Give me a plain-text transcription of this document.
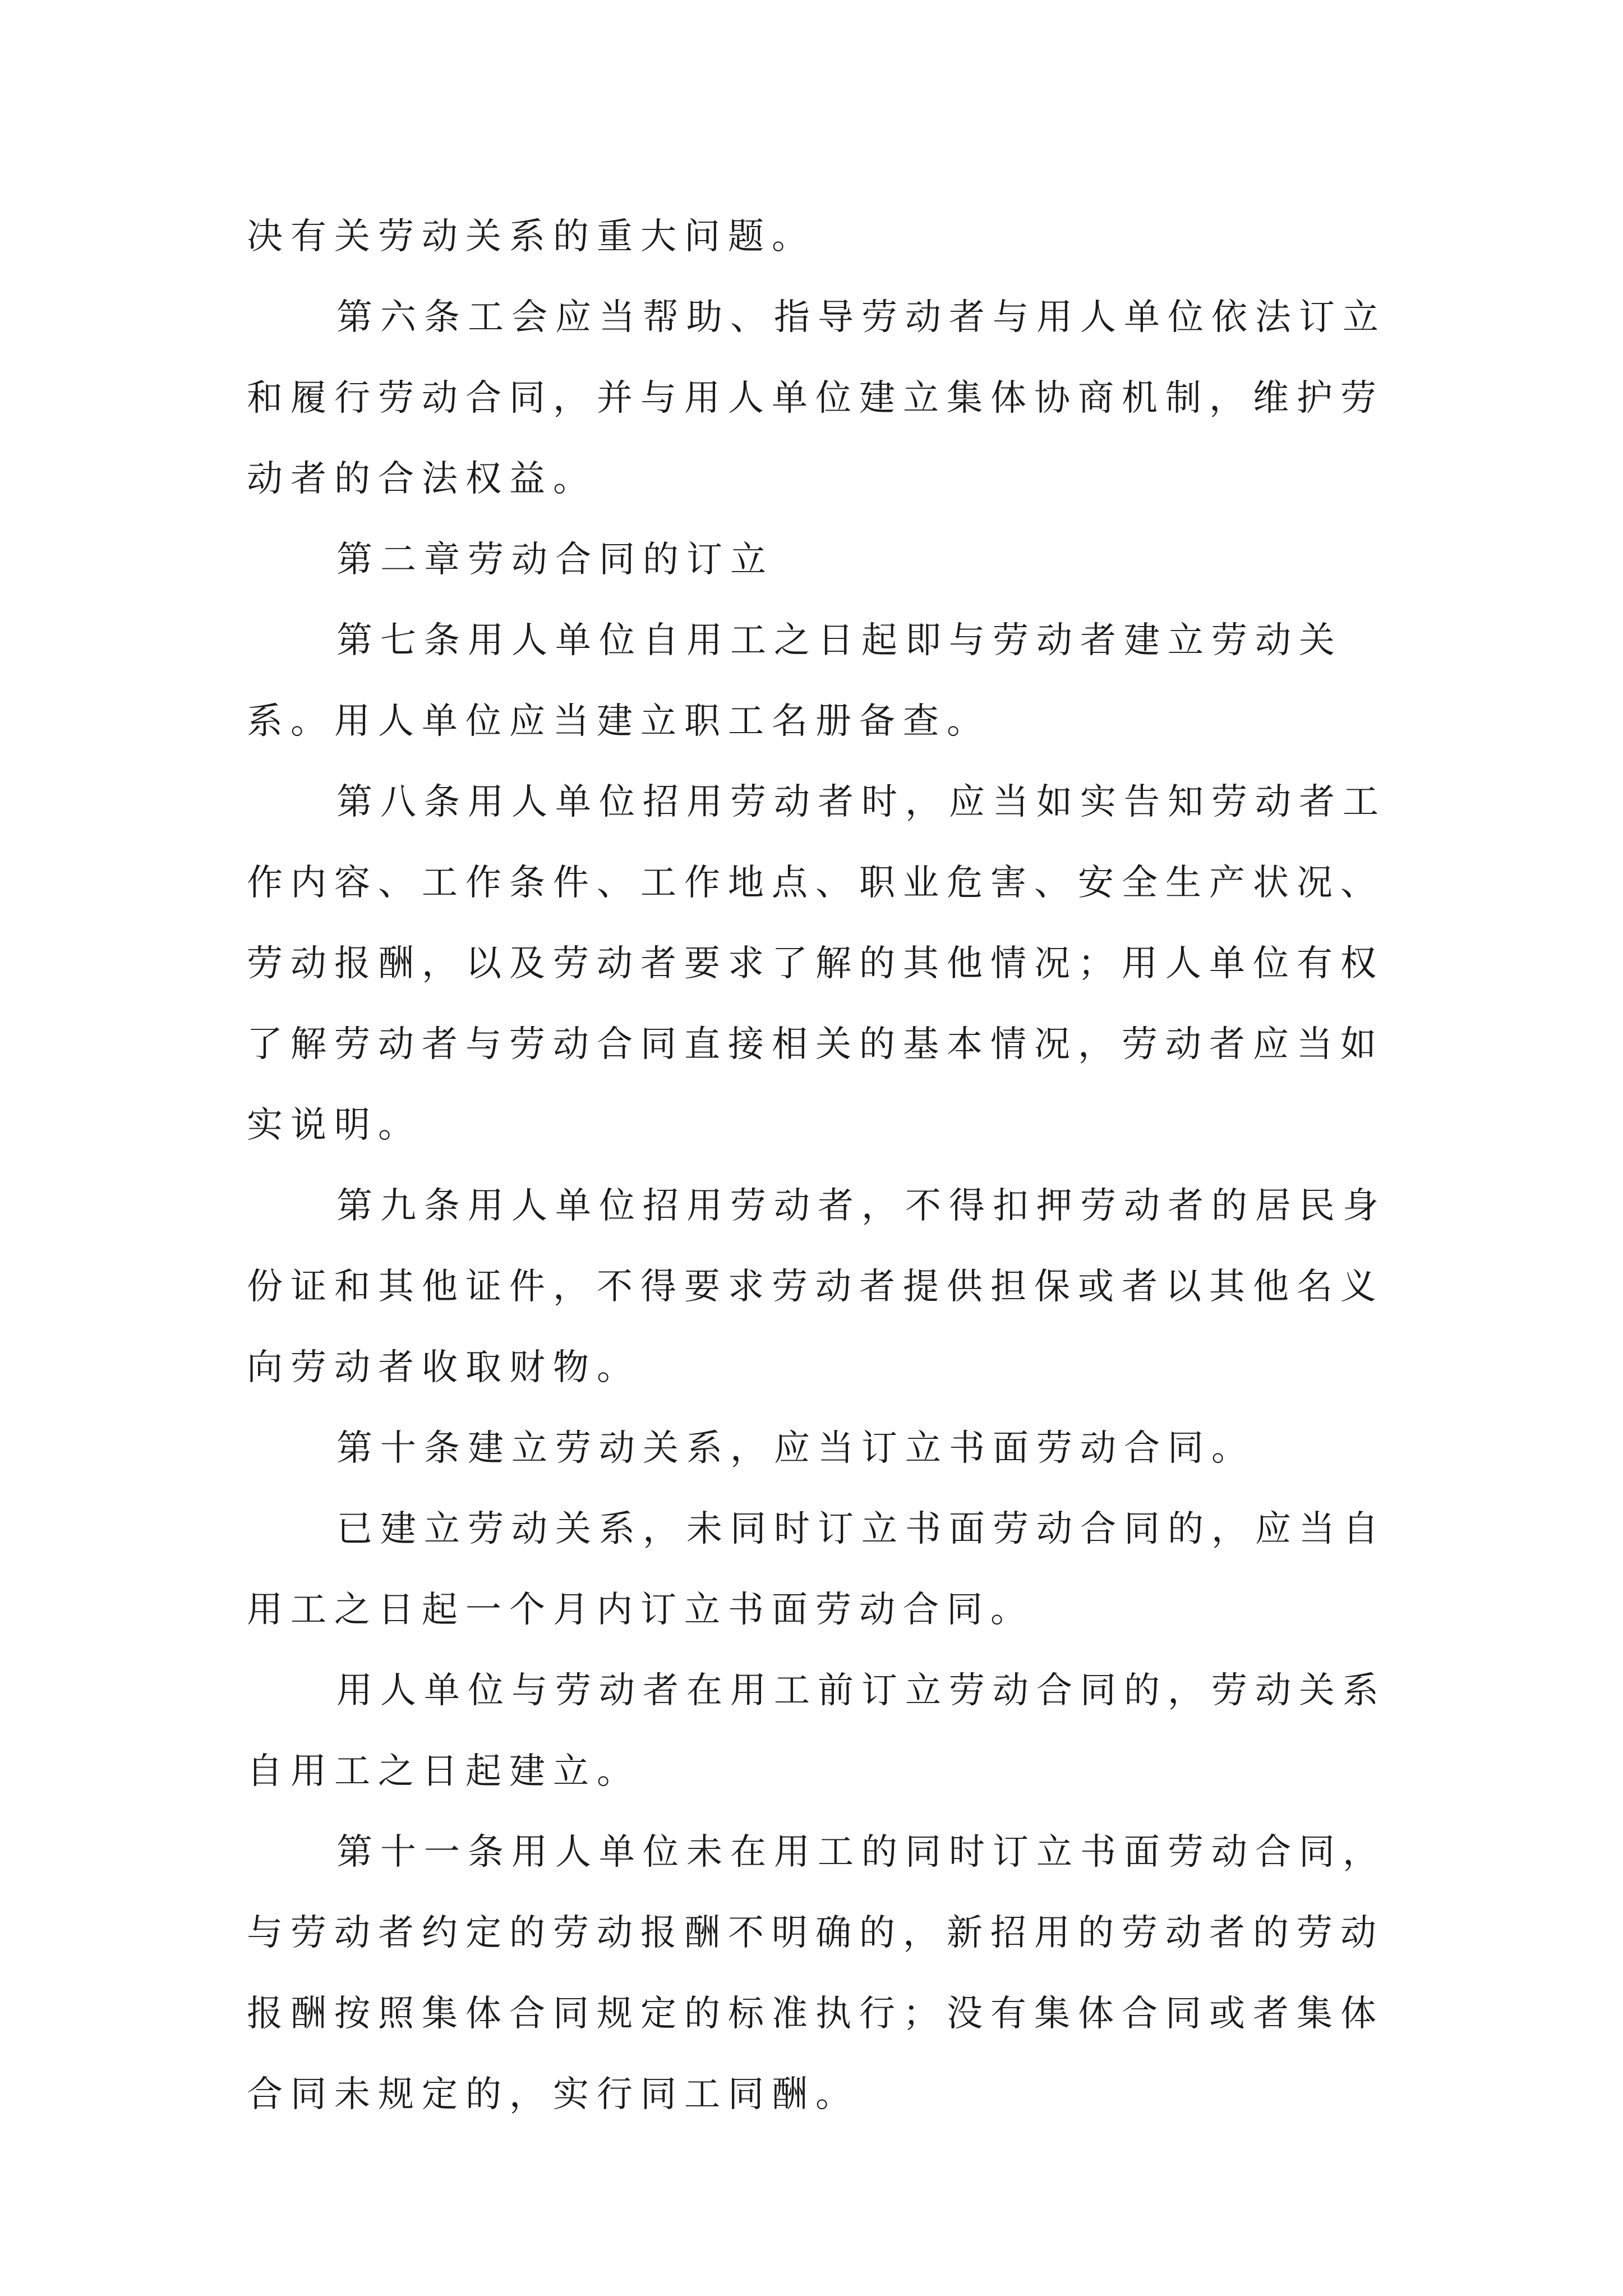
决有关劳动关系的重大问题。
第六条工会应当帮助、指导劳动者与用人单位依法订立
和履行劳动合同，并与用人单位建立集体协商机制，维护劳
动者的合法权益。
第二章劳动合同的订立
第七条用人单位自用工之日起即与劳动者建立劳动关
系。用人单位应当建立职工名册备查。
第八条用人单位招用劳动者时，应当如实告知劳动者工
作内容、工作条件、工作地点、职业危害、安全生产状况、
劳动报酬，以及劳动者要求了解的其他情况；用人单位有权
了解劳动者与劳动合同直接相关的基本情况，劳动者应当如
实说明。
第九条用人单位招用劳动者，不得扣押劳动者的居民身
份证和其他证件，不得要求劳动者提供担保或者以其他名义
向劳动者收取财物。
第十条建立劳动关系，应当订立书面劳动合同。
已建立劳动关系，未同时订立书面劳动合同的，应当自
用工之日起一个月内订立书面劳动合同。
用人单位与劳动者在用工前订立劳动合同的，劳动关系
自用工之日起建立。
第十一条用人单位未在用工的同时订立书面劳动合同，
与劳动者约定的劳动报酬不明确的，新招用的劳动者的劳动
报酬按照集体合同规定的标准执行；没有集体合同或者集体
合同未规定的，实行同工同酬。
